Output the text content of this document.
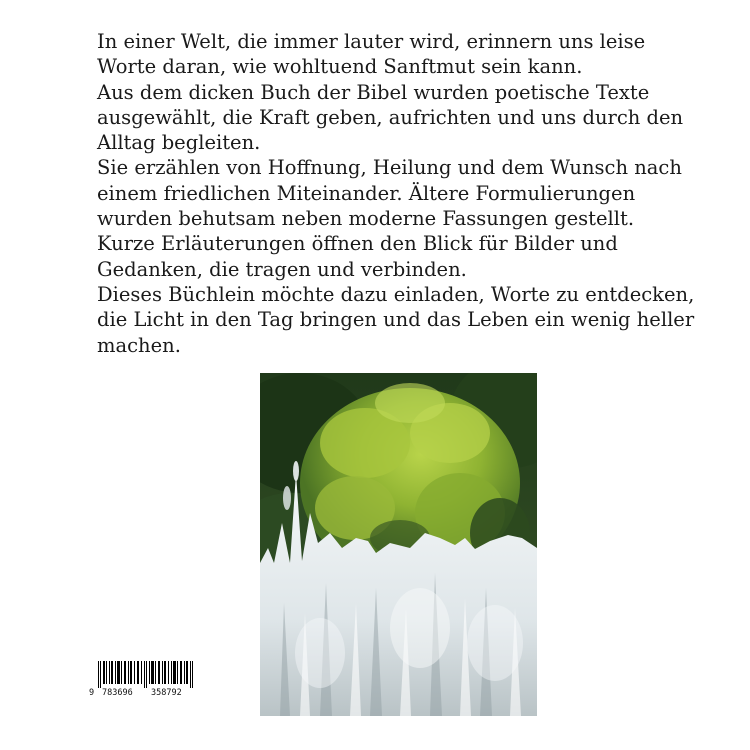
In einer Welt, die immer lauter wird, erinnern uns leise Worte daran, wie wohltuend Sanftmut sein kann.

Aus dem dicken Buch der Bibel wurden poetische Texte ausgewählt, die Kraft geben, aufrichten und uns durch den Alltag begleiten.

Sie erzählen von Hoffnung, Heilung und dem Wunsch nach einem friedlichen Miteinander. Ältere Formulierungen wurden behutsam neben moderne Fassungen gestellt.

Kurze Erläuterungen öffnen den Blick für Bilder und Gedanken, die tragen und verbinden.

Dieses Büchlein möchte dazu einladen, Worte zu entdecken, die Licht in den Tag bringen und das Leben ein wenig heller machen.

9 783696 358792
